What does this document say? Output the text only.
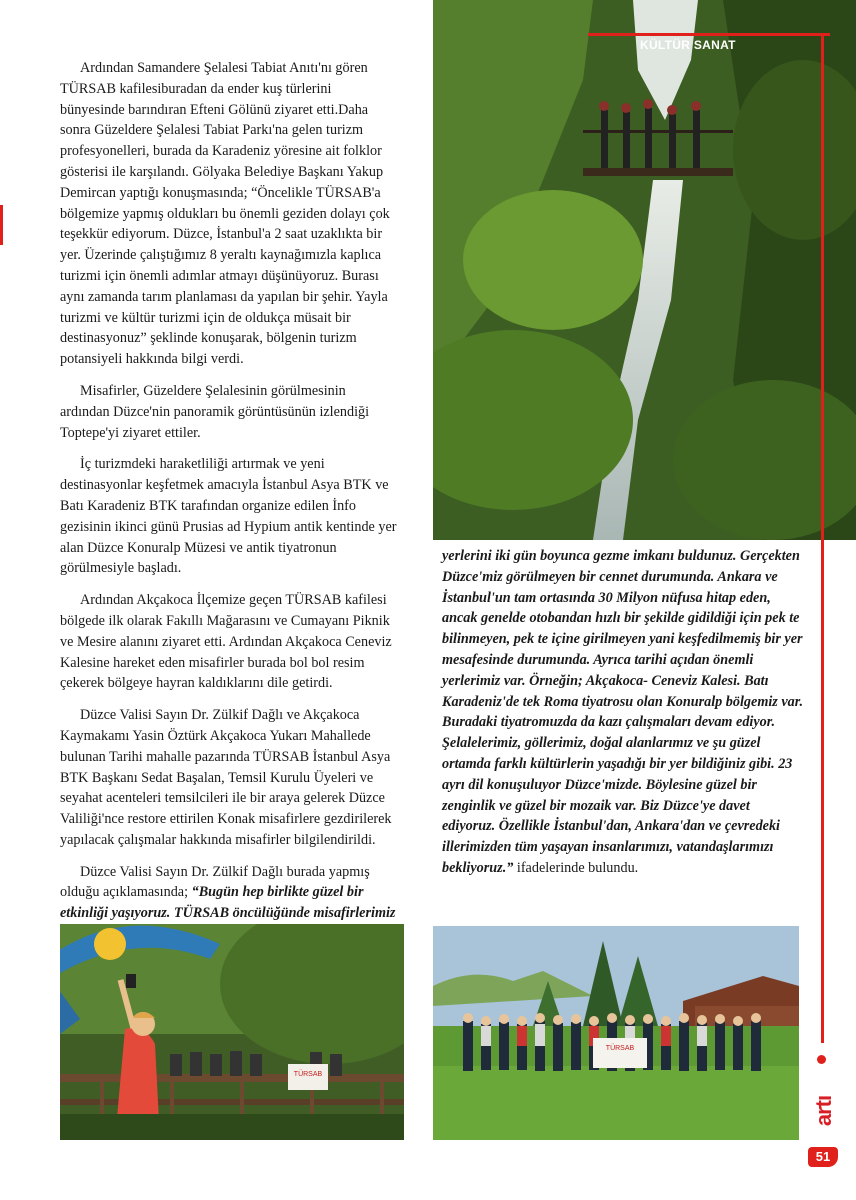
KÜLTÜR SANAT

Ardından Samandere Şelalesi Tabiat Anıtı'nı gören TÜRSAB kafilesiburadan da ender kuş türlerini bünyesinde barındıran Efteni Gölünü ziyaret etti.Daha sonra Güzeldere Şelalesi Tabiat Parkı'na gelen turizm profesyonelleri, burada da Karadeniz yöresine ait folklor gösterisi ile karşılandı. Gölyaka Belediye Başkanı Yakup Demircan yaptığı konuşmasında; “Öncelikle TÜRSAB'a bölgemize yapmış oldukları bu önemli geziden dolayı çok teşekkür ediyorum. Düzce, İstanbul'a 2 saat uzaklıkta bir yer. Üzerinde çalıştığımız 8 yeraltı kaynağımızla kaplıca turizmi için önemli adımlar atmayı düşünüyoruz. Burası aynı zamanda tarım planlaması da yapılan bir şehir. Yayla turizmi ve kültür turizmi için de oldukça müsait bir destinasyonuz” şeklinde konuşarak, bölgenin turizm potansiyeli hakkında bilgi verdi.

Misafirler, Güzeldere Şelalesinin görülmesinin ardından Düzce'nin panoramik görüntüsünün izlendiği Toptepe'yi ziyaret ettiler.

İç turizmdeki haraketliliği artırmak ve yeni destinasyonlar keşfetmek amacıyla İstanbul Asya BTK ve Batı Karadeniz BTK tarafından organize edilen İnfo gezisinin ikinci günü Prusias ad Hypium antik kentinde yer alan Düzce Konuralp Müzesi ve antik tiyatronun görülmesiyle başladı.

Ardından Akçakoca İlçemize geçen TÜRSAB kafilesi bölgede ilk olarak Fakıllı Mağarasını ve Cumayanı Piknik ve Mesire alanını ziyaret etti. Ardından Akçakoca Ceneviz Kalesine hareket eden misafirler burada bol bol resim çekerek bölgeye hayran kaldıklarını dile getirdi.

Düzce Valisi Sayın Dr. Zülkif Dağlı ve Akçakoca Kaymakamı Yasin Öztürk Akçakoca Yukarı Mahallede bulunan Tarihi mahalle pazarında TÜRSAB İstanbul Asya BTK Başkanı Sedat Başalan, Temsil Kurulu Üyeleri ve seyahat acenteleri temsilcileri ile bir araya gelerek Düzce Valiliği'nce restore ettirilen Konak misafirlere gezdirilerek yapılacak çalışmalar hakkında misafirler bilgilendirildi.

Düzce Valisi Sayın Dr. Zülkif Dağlı burada yapmış olduğu açıklamasında; “Bugün hep birlikte güzel bir etkinliği yaşıyoruz. TÜRSAB öncülüğünde misafirlerimiz

yerlerini iki gün boyunca gezme imkanı buldunuz. Gerçekten Düzce'miz görülmeyen bir cennet durumunda. Ankara ve İstanbul'un tam ortasında 30 Milyon nüfusa hitap eden, ancak genelde otobandan hızlı bir şekilde gidildiği için pek te bilinmeyen, pek te içine girilmeyen yani keşfedilmemiş bir yer mesafesinde durumunda. Ayrıca tarihi açıdan önemli yerlerimiz var. Örneğin; Akçakoca- Ceneviz Kalesi. Batı Karadeniz'de tek Roma tiyatrosu olan Konuralp bölgemiz var. Buradaki tiyatromuzda da kazı çalışmaları devam ediyor. Şelalelerimiz, göllerimiz, doğal alanlarımız ve şu güzel ortamda farklı kültürlerin yaşadığı bir yer bildiğiniz gibi. 23 ayrı dil konuşuluyor Düzce'mizde. Böylesine güzel bir zenginlik ve güzel bir mozaik var. Biz Düzce'ye davet ediyoruz. Özellikle İstanbul'dan, Ankara'dan ve çevredeki illerimizden tüm yaşayan insanlarımızı, vatandaşlarımızı bekliyoruz.” ifadelerinde bulundu.

TÜRSAB
TÜRSAB
artı
51
